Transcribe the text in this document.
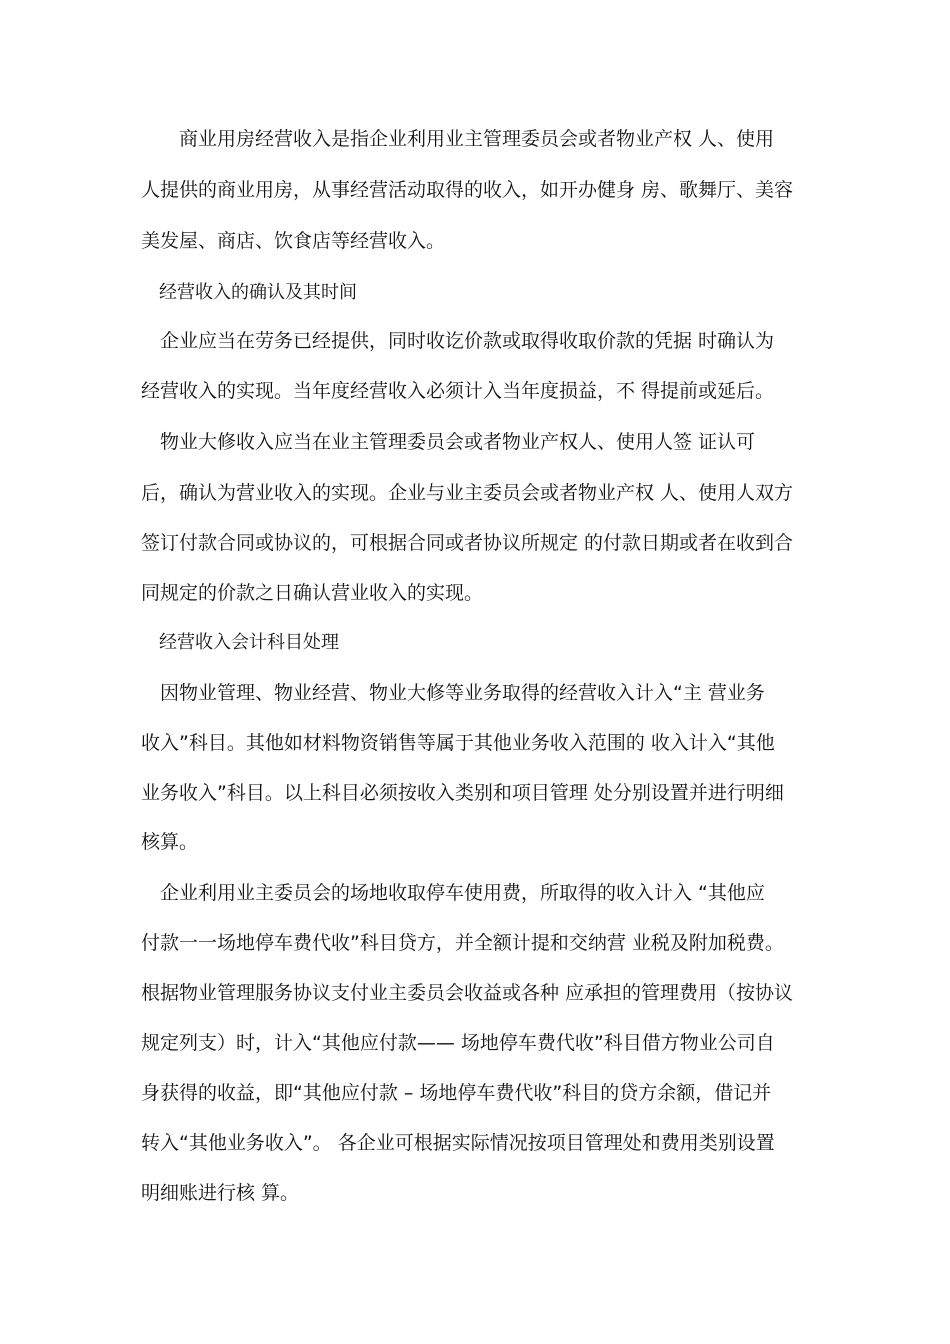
　　商业用房经营收入是指企业利用业主管理委员会或者物业产权 人、使用
人提供的商业用房，从事经营活动取得的收入，如开办健身 房、歌舞厅、美容
美发屋、商店、饮食店等经营收入。
　经营收入的确认及其时间
　企业应当在劳务已经提供，同时收讫价款或取得收取价款的凭据 时确认为
经营收入的实现。当年度经营收入必须计入当年度损益，不 得提前或延后。
　物业大修收入应当在业主管理委员会或者物业产权人、使用人签 证认可
后，确认为营业收入的实现。企业与业主委员会或者物业产权 人、使用人双方
签订付款合同或协议的，可根据合同或者协议所规定 的付款日期或者在收到合
同规定的价款之日确认营业收入的实现。
　经营收入会计科目处理
　因物业管理、物业经营、物业大修等业务取得的经营收入计入“主 营业务
收入”科目。其他如材料物资销售等属于其他业务收入范围的 收入计入“其他
业务收入”科目。以上科目必须按收入类别和项目管理 处分别设置并进行明细
核算。
　企业利用业主委员会的场地收取停车使用费，所取得的收入计入 “其他应
付款一一场地停车费代收”科目贷方，并全额计提和交纳营 业税及附加税费。
根据物业管理服务协议支付业主委员会收益或各种 应承担的管理费用（按协议
规定列支）时，计入“其他应付款—— 场地停车费代收”科目借方物业公司自
身获得的收益，即“其他应付款 – 场地停车费代收”科目的贷方余额，借记并
转入“其他业务收入”。 各企业可根据实际情况按项目管理处和费用类别设置
明细账进行核 算。
